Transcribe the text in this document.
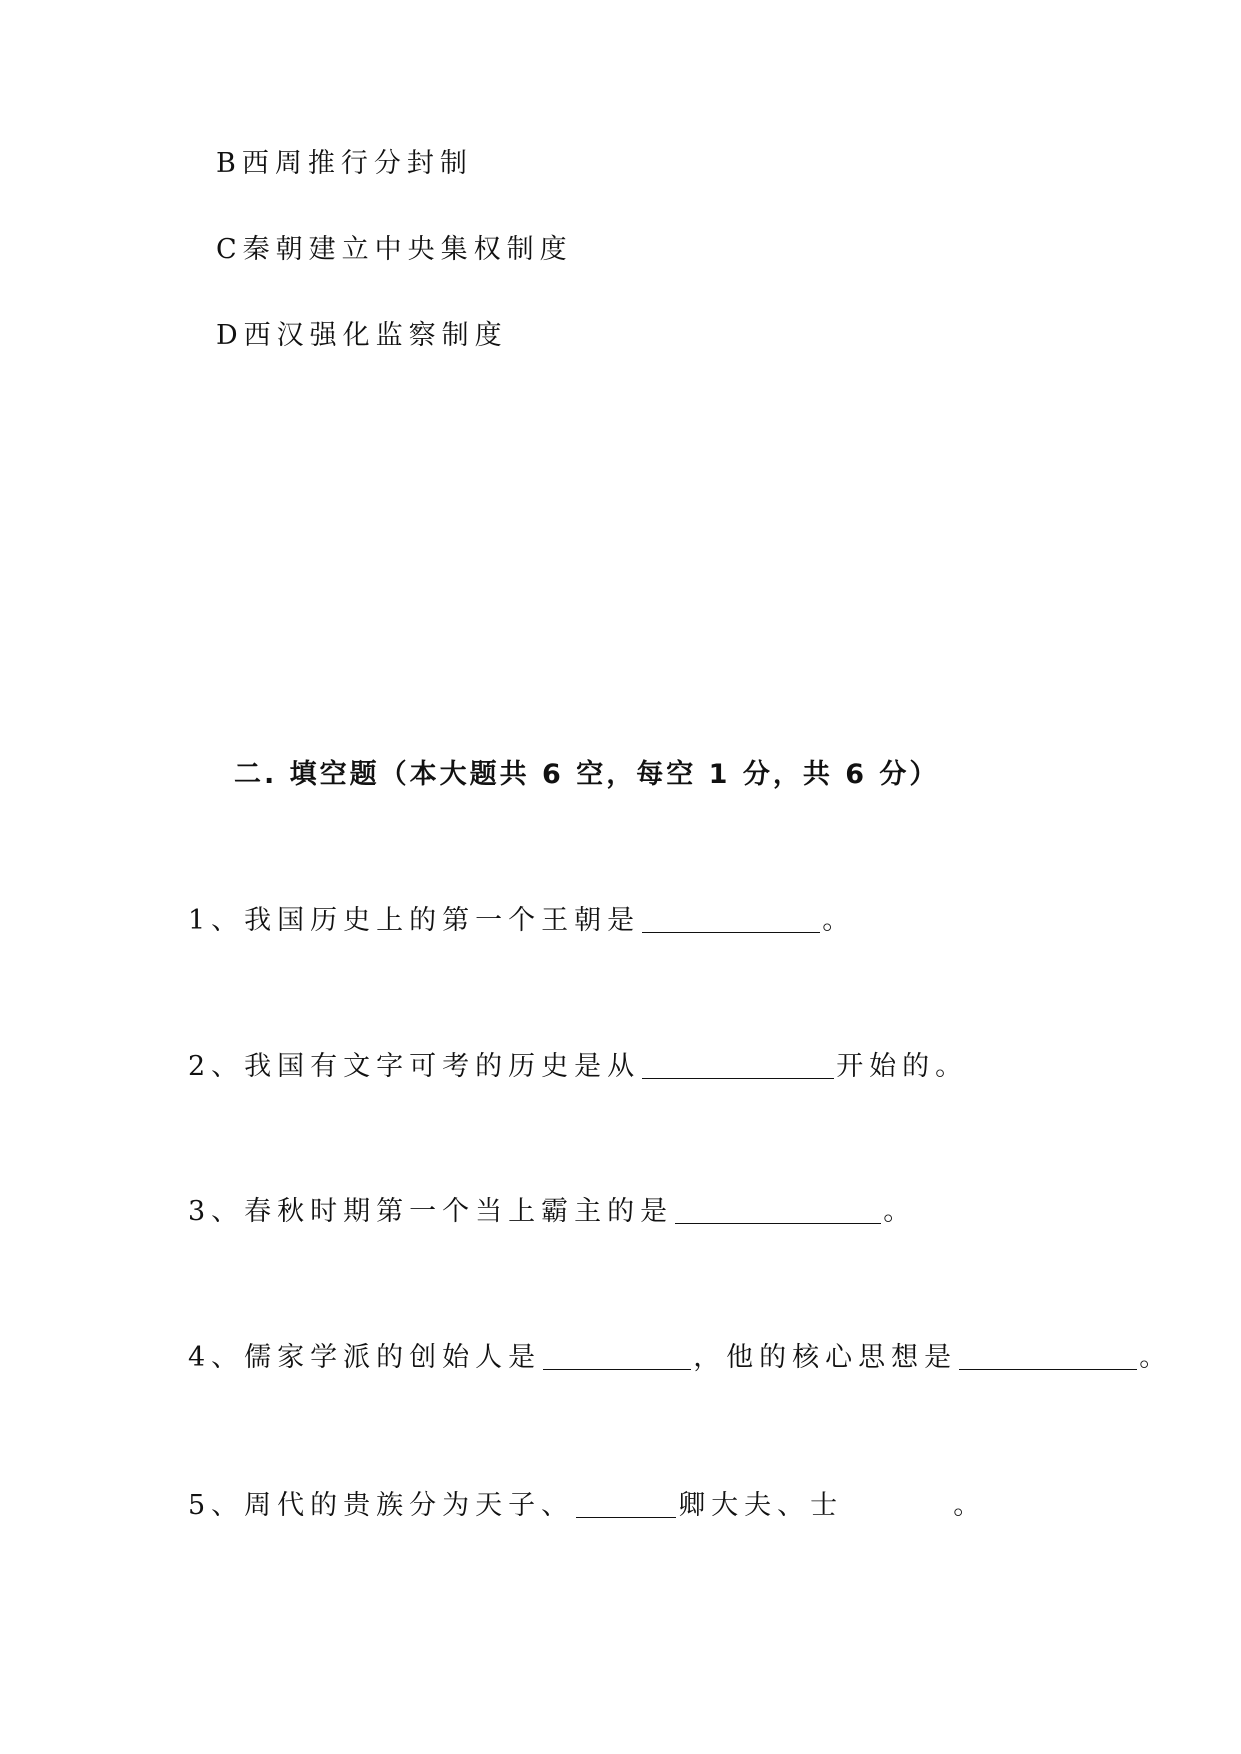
B西周推行分封制
C秦朝建立中央集权制度
D西汉强化监察制度
二. 填空题（本大题共 6 空，每空 1 分，共 6 分）
1、我国历史上的第一个王朝是	。
2、我国有文字可考的历史是从	开始的。
3、春秋时期第一个当上霸主的是	。
4、儒家学派的创始人是	，他的核心思想是	。
5、周代的贵族分为天子、	卿大夫、士	。
